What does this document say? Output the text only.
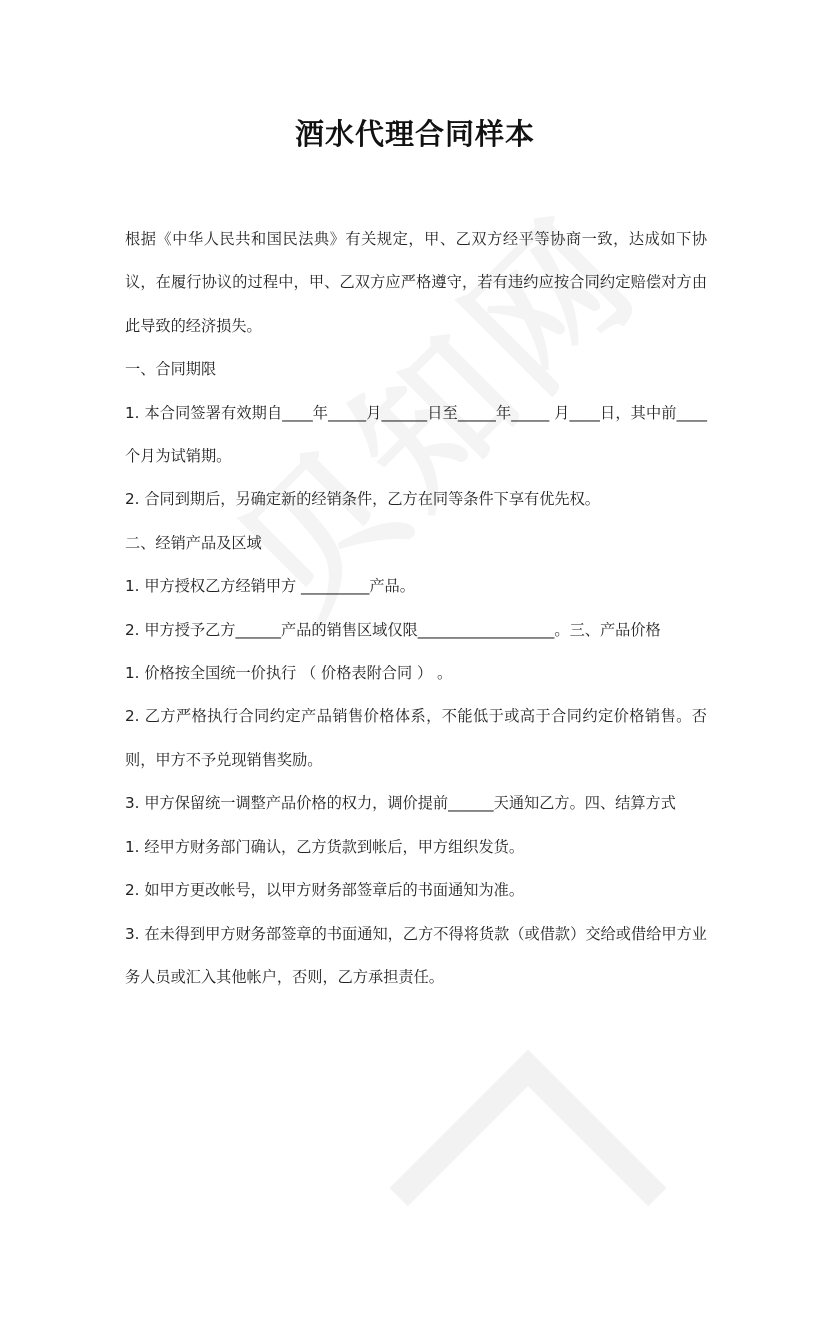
酒水代理合同样本

根据《中华人民共和国民法典》有关规定，甲、乙双方经平等协商一致，达成如下协议，在履行协议的过程中，甲、乙双方应严格遵守，若有违约应按合同约定赔偿对方由此导致的经济损失。

一、合同期限

1. 本合同签署有效期自____年_____月______日至_____年_____ 月____日，其中前____个月为试销期。

2. 合同到期后，另确定新的经销条件，乙方在同等条件下享有优先权。

二、经销产品及区域

1. 甲方授权乙方经销甲方 _________产品。

2. 甲方授予乙方______产品的销售区域仅限__________________。三、产品价格

1. 价格按全国统一价执行 （ 价格表附合同 ） 。

2. 乙方严格执行合同约定产品销售价格体系，不能低于或高于合同约定价格销售。否则，甲方不予兑现销售奖励。

3. 甲方保留统一调整产品价格的权力，调价提前______天通知乙方。四、结算方式

1. 经甲方财务部门确认，乙方货款到帐后，甲方组织发货。

2. 如甲方更改帐号，以甲方财务部签章后的书面通知为准。

3. 在未得到甲方财务部签章的书面通知，乙方不得将货款（或借款）交给或借给甲方业务人员或汇入其他帐户，否则，乙方承担责任。
